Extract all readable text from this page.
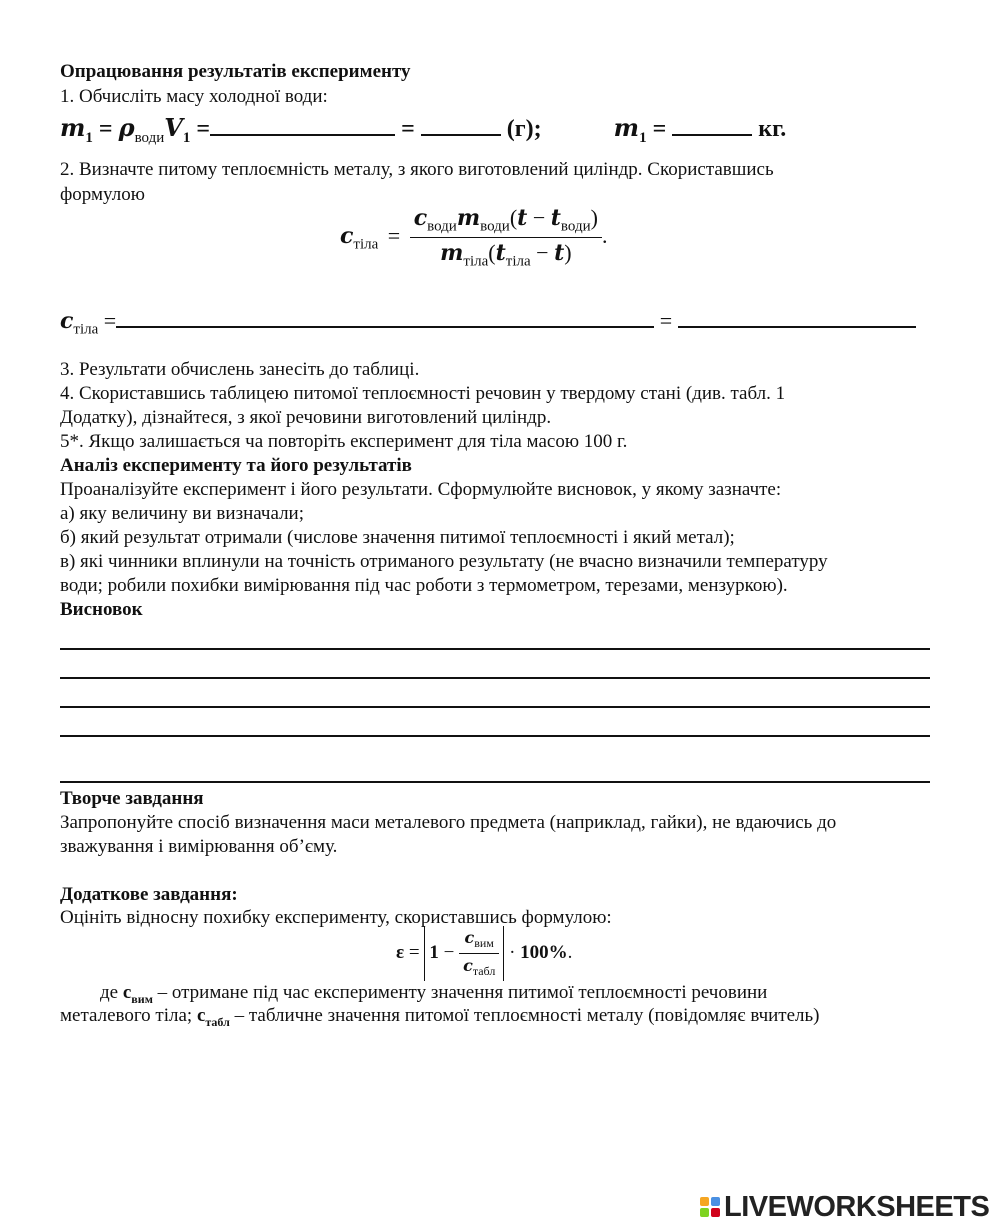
Опрацювання результатів експерименту
1. Обчисліть масу холодної води:
$m_1 = \rho_{води}V_1$ =	=	(г);	$m_1$ =	кг.
2. Визначте питому теплоємність металу, з якого виготовлений циліндр. Скориставшись
формулою
$c_{тіла} = \frac{c_{води}m_{води}(t - t_{води})}{m_{тіла}(t_{тіла} - t)}$ .
$c_{тіла}$ =	=
3. Результати обчислень занесіть до таблиці.
4. Скориставшись таблицею питомої теплоємності речовин у твердому стані (див. табл. 1
Додатку), дізнайтеся, з якої речовини виготовлений циліндр.
5*. Якщо залишається ча повторіть експеримент для тіла масою 100 г.
Аналіз експерименту та його результатів
Проаналізуйте експеримент і його результати. Сформулюйте висновок, у якому зазначте:
а) яку величину ви визначали;
б) який результат отримали (числове значення питимої теплоємності і який метал);
в) які чинники вплинули на точність отриманого результату (не вчасно визначили температуру
води; робили похибки вимірювання під час роботи з термометром, терезами, мензуркою).
Висновок
Творче завдання
Запропонуйте спосіб визначення маси металевого предмета (наприклад, гайки), не вдаючись до
зважування і вимірювання об’єму.
Додаткове завдання:
Оцініть відносну похибку експерименту, скориставшись формулою:
$\varepsilon = 1 - \frac{c_{вим}}{c_{табл}} \cdot 100\%$.
де $с_{вим}$ – отримане під час експерименту значення питимої теплоємності речовини
металевого тіла; $с_{табл}$ – табличне значення питомої теплоємності металу (повідомляє вчитель)
LIVEWORKSHEETS
